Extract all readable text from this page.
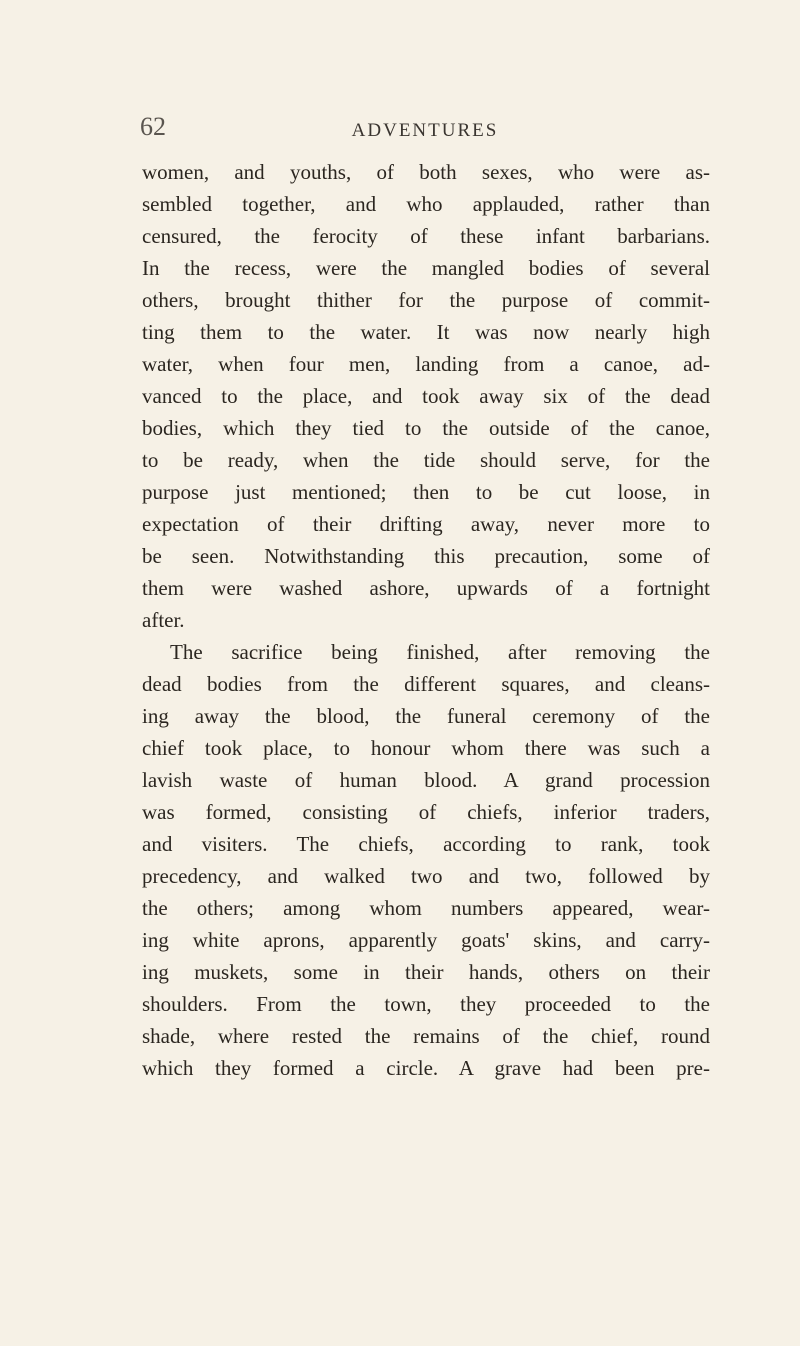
62	ADVENTURES
women, and youths, of both sexes, who were as-
sembled together, and who applauded, rather than
censured, the ferocity of these infant barbarians.
In the recess, were the mangled bodies of several
others, brought thither for the purpose of commit-
ting them to the water. It was now nearly high
water, when four men, landing from a canoe, ad-
vanced to the place, and took away six of the dead
bodies, which they tied to the outside of the canoe,
to be ready, when the tide should serve, for the
purpose just mentioned; then to be cut loose, in
expectation of their drifting away, never more to
be seen. Notwithstanding this precaution, some of
them were washed ashore, upwards of a fortnight
after.
The sacrifice being finished, after removing the
dead bodies from the different squares, and cleans-
ing away the blood, the funeral ceremony of the
chief took place, to honour whom there was such a
lavish waste of human blood. A grand procession
was formed, consisting of chiefs, inferior traders,
and visiters. The chiefs, according to rank, took
precedency, and walked two and two, followed by
the others; among whom numbers appeared, wear-
ing white aprons, apparently goats' skins, and carry-
ing muskets, some in their hands, others on their
shoulders. From the town, they proceeded to the
shade, where rested the remains of the chief, round
which they formed a circle. A grave had been pre-
